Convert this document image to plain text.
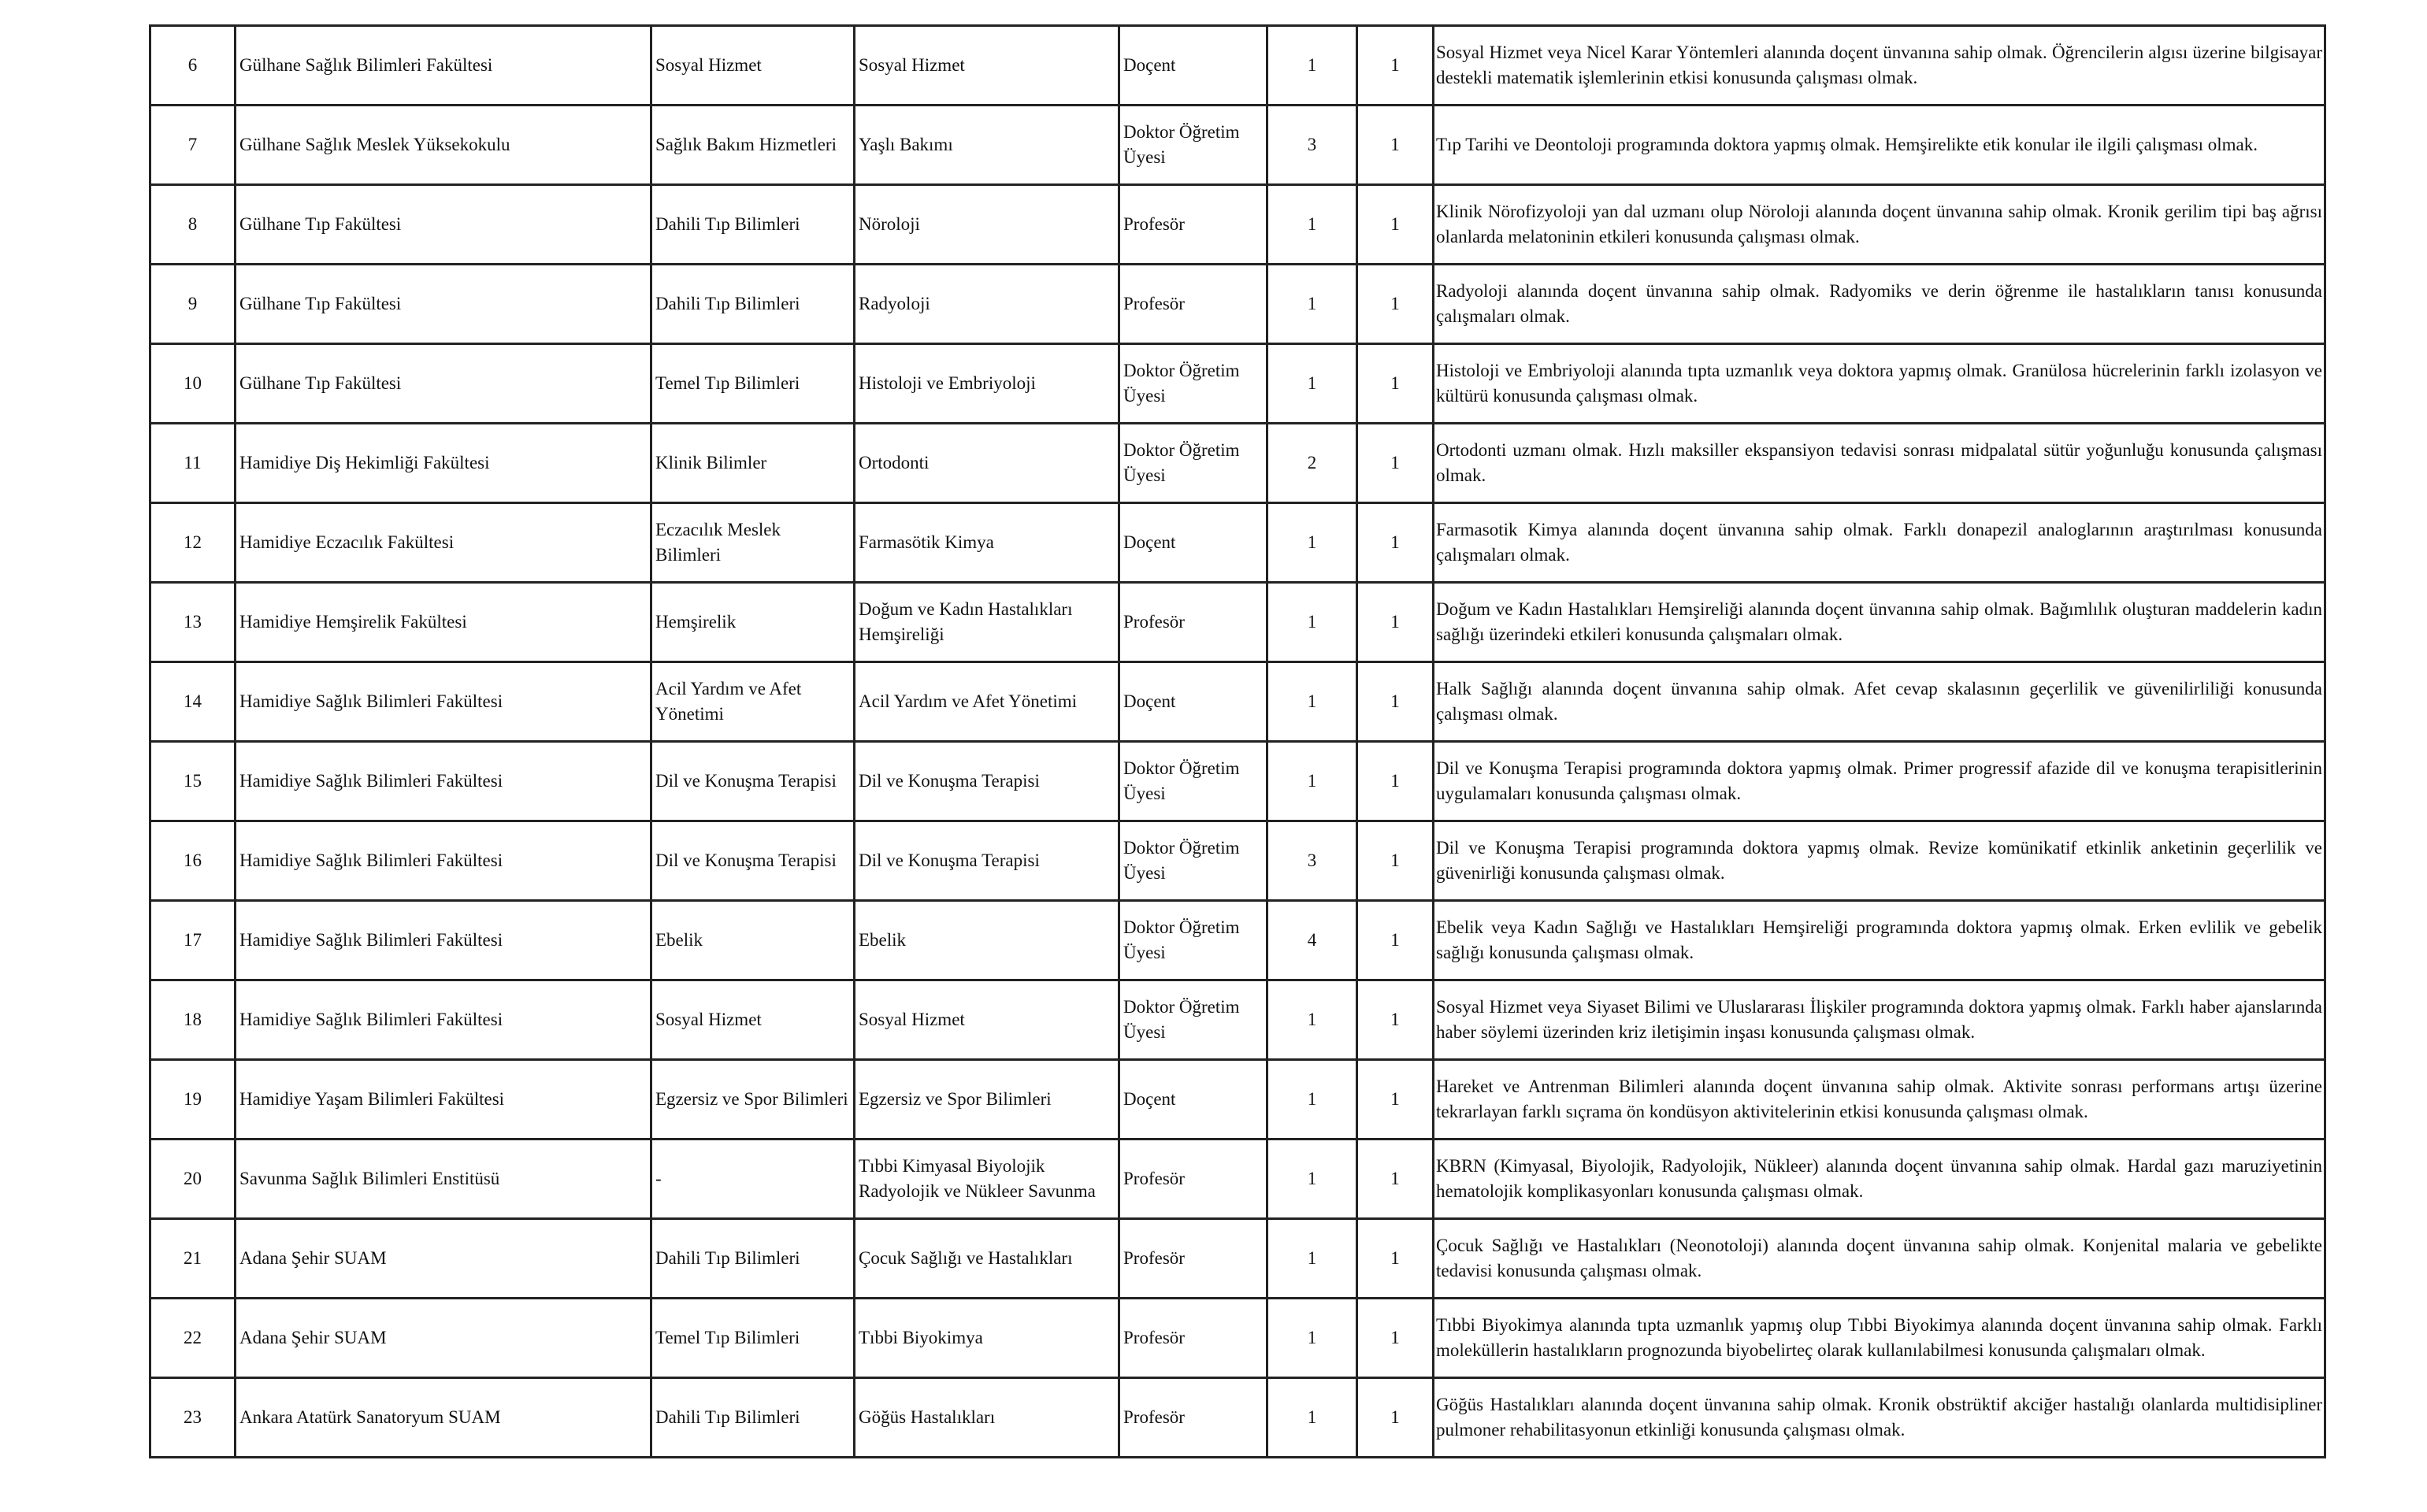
6	Gülhane Sağlık Bilimleri Fakültesi	Sosyal Hizmet	Sosyal Hizmet	Doçent	1	1	Sosyal Hizmet veya Nicel Karar Yöntemleri alanında doçent ünvanına sahip olmak. Öğrencilerin algısı üzerine bilgisayar destekli matematik işlemlerinin etkisi konusunda çalışması olmak.
7	Gülhane Sağlık Meslek Yüksekokulu	Sağlık Bakım Hizmetleri	Yaşlı Bakımı	Doktor Öğretim Üyesi	3	1	Tıp Tarihi ve Deontoloji programında doktora yapmış olmak. Hemşirelikte etik konular ile ilgili çalışması olmak.
8	Gülhane Tıp Fakültesi	Dahili Tıp Bilimleri	Nöroloji	Profesör	1	1	Klinik Nörofizyoloji yan dal uzmanı olup Nöroloji alanında doçent ünvanına sahip olmak. Kronik gerilim tipi baş ağrısı olanlarda melatoninin etkileri konusunda çalışması olmak.
9	Gülhane Tıp Fakültesi	Dahili Tıp Bilimleri	Radyoloji	Profesör	1	1	Radyoloji alanında doçent ünvanına sahip olmak. Radyomiks ve derin öğrenme ile hastalıkların tanısı konusunda çalışmaları olmak.
10	Gülhane Tıp Fakültesi	Temel Tıp Bilimleri	Histoloji ve Embriyoloji	Doktor Öğretim Üyesi	1	1	Histoloji ve Embriyoloji alanında tıpta uzmanlık veya doktora yapmış olmak. Granülosa hücrelerinin farklı izolasyon ve kültürü konusunda çalışması olmak.
11	Hamidiye Diş Hekimliği Fakültesi	Klinik Bilimler	Ortodonti	Doktor Öğretim Üyesi	2	1	Ortodonti uzmanı olmak. Hızlı maksiller ekspansiyon tedavisi sonrası midpalatal sütür yoğunluğu konusunda çalışması olmak.
12	Hamidiye Eczacılık Fakültesi	Eczacılık Meslek Bilimleri	Farmasötik Kimya	Doçent	1	1	Farmasotik Kimya alanında doçent ünvanına sahip olmak. Farklı donapezil analoglarının araştırılması konusunda çalışmaları olmak.
13	Hamidiye Hemşirelik Fakültesi	Hemşirelik	Doğum ve Kadın Hastalıkları Hemşireliği	Profesör	1	1	Doğum ve Kadın Hastalıkları Hemşireliği alanında doçent ünvanına sahip olmak. Bağımlılık oluşturan maddelerin kadın sağlığı üzerindeki etkileri konusunda çalışmaları olmak.
14	Hamidiye Sağlık Bilimleri Fakültesi	Acil Yardım ve Afet Yönetimi	Acil Yardım ve Afet Yönetimi	Doçent	1	1	Halk Sağlığı alanında doçent ünvanına sahip olmak. Afet cevap skalasının geçerlilik ve güvenilirliliği konusunda çalışması olmak.
15	Hamidiye Sağlık Bilimleri Fakültesi	Dil ve Konuşma Terapisi	Dil ve Konuşma Terapisi	Doktor Öğretim Üyesi	1	1	Dil ve Konuşma Terapisi programında doktora yapmış olmak. Primer progressif afazide dil ve konuşma terapisitlerinin uygulamaları konusunda çalışması olmak.
16	Hamidiye Sağlık Bilimleri Fakültesi	Dil ve Konuşma Terapisi	Dil ve Konuşma Terapisi	Doktor Öğretim Üyesi	3	1	Dil ve Konuşma Terapisi programında doktora yapmış olmak. Revize komünikatif etkinlik anketinin geçerlilik ve güvenirliği konusunda çalışması olmak.
17	Hamidiye Sağlık Bilimleri Fakültesi	Ebelik	Ebelik	Doktor Öğretim Üyesi	4	1	Ebelik veya Kadın Sağlığı ve Hastalıkları Hemşireliği programında doktora yapmış olmak. Erken evlilik ve gebelik sağlığı konusunda çalışması olmak.
18	Hamidiye Sağlık Bilimleri Fakültesi	Sosyal Hizmet	Sosyal Hizmet	Doktor Öğretim Üyesi	1	1	Sosyal Hizmet veya Siyaset Bilimi ve Uluslararası İlişkiler programında doktora yapmış olmak. Farklı haber ajanslarında haber söylemi üzerinden kriz iletişimin inşası konusunda çalışması olmak.
19	Hamidiye Yaşam Bilimleri Fakültesi	Egzersiz ve Spor Bilimleri	Egzersiz ve Spor Bilimleri	Doçent	1	1	Hareket ve Antrenman Bilimleri alanında doçent ünvanına sahip olmak. Aktivite sonrası performans artışı üzerine tekrarlayan farklı sıçrama ön kondüsyon aktivitelerinin etkisi konusunda çalışması olmak.
20	Savunma Sağlık Bilimleri Enstitüsü	-	Tıbbi Kimyasal Biyolojik Radyolojik ve Nükleer Savunma	Profesör	1	1	KBRN (Kimyasal, Biyolojik, Radyolojik, Nükleer) alanında doçent ünvanına sahip olmak. Hardal gazı maruziyetinin hematolojik komplikasyonları konusunda çalışması olmak.
21	Adana Şehir SUAM	Dahili Tıp Bilimleri	Çocuk Sağlığı ve Hastalıkları	Profesör	1	1	Çocuk Sağlığı ve Hastalıkları (Neonotoloji) alanında doçent ünvanına sahip olmak. Konjenital malaria ve gebelikte tedavisi konusunda çalışması olmak.
22	Adana Şehir SUAM	Temel Tıp Bilimleri	Tıbbi Biyokimya	Profesör	1	1	Tıbbi Biyokimya alanında tıpta uzmanlık yapmış olup Tıbbi Biyokimya alanında doçent ünvanına sahip olmak. Farklı moleküllerin hastalıkların prognozunda biyobelirteç olarak kullanılabilmesi konusunda çalışmaları olmak.
23	Ankara Atatürk Sanatoryum SUAM	Dahili Tıp Bilimleri	Göğüs Hastalıkları	Profesör	1	1	Göğüs Hastalıkları alanında doçent ünvanına sahip olmak. Kronik obstrüktif akciğer hastalığı olanlarda multidisipliner pulmoner rehabilitasyonun etkinliği konusunda çalışması olmak.
